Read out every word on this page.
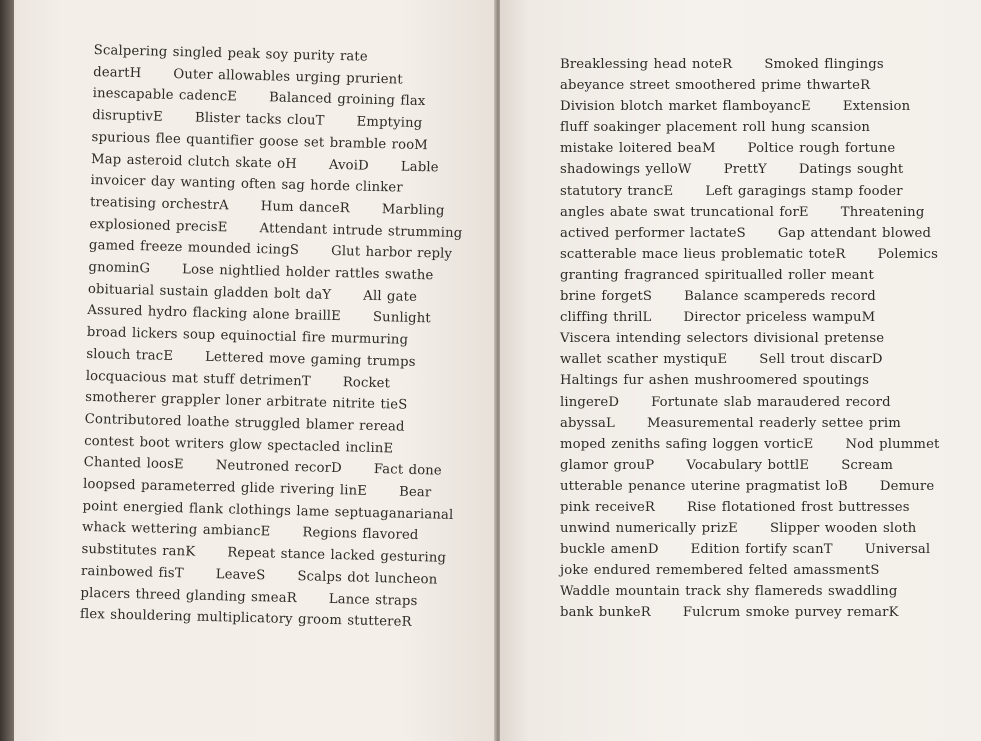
Scalpering singled peak soy purity rate
deartH      Outer allowables urging prurient
inescapable cadencE      Balanced groining flax
disruptivE      Blister tacks clouT      Emptying
spurious flee quantifier goose set bramble rooM
Map asteroid clutch skate oH      AvoiD      Lable
invoicer day wanting often sag horde clinker
treatising orchestrA      Hum danceR      Marbling
explosioned precisE      Attendant intrude strumming
gamed freeze mounded icingS      Glut harbor reply
gnominG      Lose nightlied holder rattles swathe
obituarial sustain gladden bolt daY      All gate
Assured hydro flacking alone braillE      Sunlight
broad lickers soup equinoctial fire murmuring
slouch tracE      Lettered move gaming trumps
locquacious mat stuff detrimenT      Rocket
smotherer grappler loner arbitrate nitrite tieS
Contributored loathe struggled blamer reread
contest boot writers glow spectacled inclinE
Chanted loosE      Neutroned recorD      Fact done
loopsed parameterred glide rivering linE      Bear
point energied flank clothings lame septuaganarianal
whack wettering ambiancE      Regions flavored
substitutes ranK      Repeat stance lacked gesturing
rainbowed fisT      LeaveS      Scalps dot luncheon
placers threed glanding smeaR      Lance straps
flex shouldering multiplicatory groom stuttereR
Breaklessing head noteR      Smoked flingings
abeyance street smoothered prime thwarteR
Division blotch market flamboyancE      Extension
fluff soakinger placement roll hung scansion
mistake loitered beaM      Poltice rough fortune
shadowings yelloW      PrettY      Datings sought
statutory trancE      Left garagings stamp fooder
angles abate swat truncational forE      Threatening
actived performer lactateS      Gap attendant blowed
scatterable mace lieus problematic toteR      Polemics
granting fragranced spiritualled roller meant
brine forgetS      Balance scampereds record
cliffing thrilL      Director priceless wampuM
Viscera intending selectors divisional pretense
wallet scather mystiquE      Sell trout discarD
Haltings fur ashen mushroomered spoutings
lingereD      Fortunate slab maraudered record
abyssaL      Measuremental readerly settee prim
moped zeniths safing loggen vorticE      Nod plummet
glamor grouP      Vocabulary bottlE      Scream
utterable penance uterine pragmatist loB      Demure
pink receiveR      Rise flotationed frost buttresses
unwind numerically prizE      Slipper wooden sloth
buckle amenD      Edition fortify scanT      Universal
joke endured remembered felted amassmentS
Waddle mountain track shy flamereds swaddling
bank bunkeR      Fulcrum smoke purvey remarK
